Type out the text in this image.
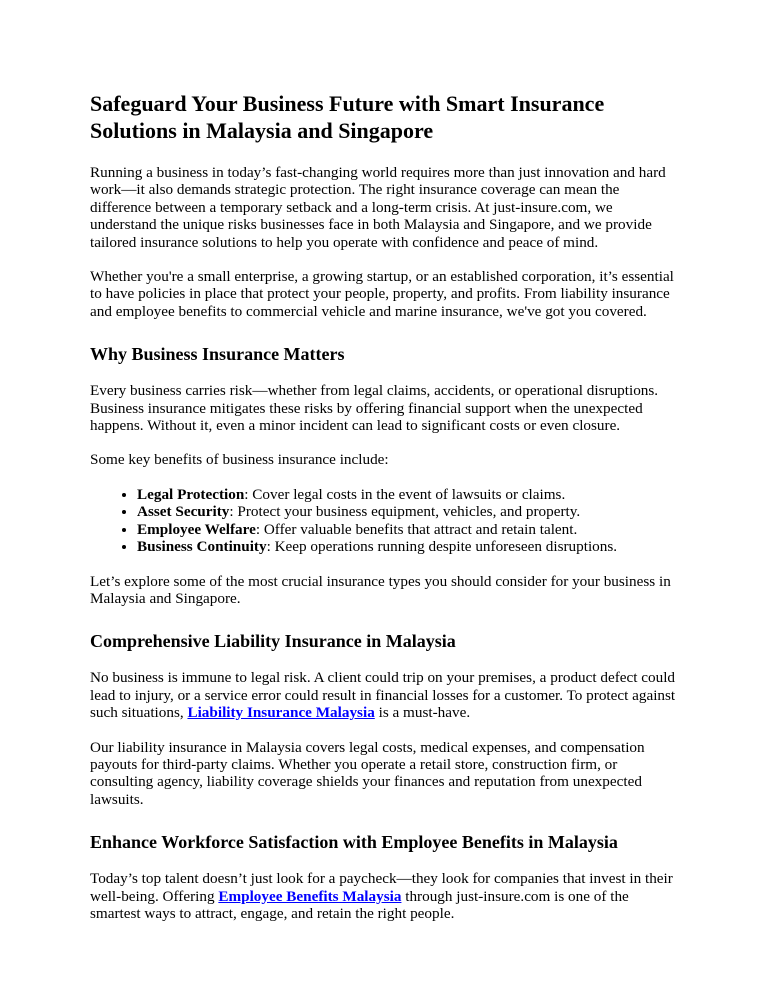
Safeguard Your Business Future with Smart Insurance Solutions in Malaysia and Singapore

Running a business in today’s fast-changing world requires more than just innovation and hard work—it also demands strategic protection. The right insurance coverage can mean the difference between a temporary setback and a long-term crisis. At just-insure.com, we understand the unique risks businesses face in both Malaysia and Singapore, and we provide tailored insurance solutions to help you operate with confidence and peace of mind.

Whether you're a small enterprise, a growing startup, or an established corporation, it’s essential to have policies in place that protect your people, property, and profits. From liability insurance and employee benefits to commercial vehicle and marine insurance, we've got you covered.

Why Business Insurance Matters

Every business carries risk—whether from legal claims, accidents, or operational disruptions. Business insurance mitigates these risks by offering financial support when the unexpected happens. Without it, even a minor incident can lead to significant costs or even closure.

Some key benefits of business insurance include:

• Legal Protection: Cover legal costs in the event of lawsuits or claims.
• Asset Security: Protect your business equipment, vehicles, and property.
• Employee Welfare: Offer valuable benefits that attract and retain talent.
• Business Continuity: Keep operations running despite unforeseen disruptions.

Let’s explore some of the most crucial insurance types you should consider for your business in Malaysia and Singapore.

Comprehensive Liability Insurance in Malaysia

No business is immune to legal risk. A client could trip on your premises, a product defect could lead to injury, or a service error could result in financial losses for a customer. To protect against such situations, Liability Insurance Malaysia is a must-have.

Our liability insurance in Malaysia covers legal costs, medical expenses, and compensation payouts for third-party claims. Whether you operate a retail store, construction firm, or consulting agency, liability coverage shields your finances and reputation from unexpected lawsuits.

Enhance Workforce Satisfaction with Employee Benefits in Malaysia

Today’s top talent doesn’t just look for a paycheck—they look for companies that invest in their well-being. Offering Employee Benefits Malaysia through just-insure.com is one of the smartest ways to attract, engage, and retain the right people.
